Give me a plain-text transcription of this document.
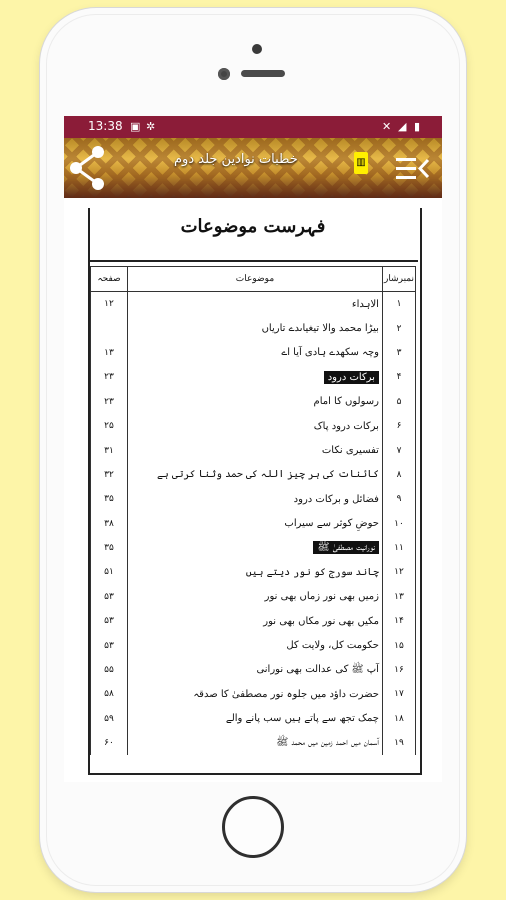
13:38 ▣ ✲	✕ ◢ ▮
خطبات نوادین جلد دوم	▥
فہرست موضوعات
نمبرشار	موضوعات	صفحہ
۱	الاہداء	۱۲
۲	بیڑا محمد والا تیغیاںدے تاریاں	
۳	وچہ سکھدے ہادی آیا اے	۱۳
۴	برکات درود	۲۳
۵	رسولوں کا امام	۲۳
۶	برکات درود پاک	۲۵
۷	تفسیری نکات	۳۱
۸	کائنات کی ہر چیز اللہ کی حمد وثنا کرتی ہے	۳۲
۹	فضائل و برکات درود	۳۵
۱۰	حوضِ کوثر سے سیراب	۳۸
۱۱	نورانیت مصطفیٰ ﷺ	۳۵
۱۲	چاند سورج کو نور دیتے ہیں	۵۱
۱۳	زمیں بھی نور زماں بھی نور	۵۳
۱۴	مکیں بھی نور مکاں بھی نور	۵۳
۱۵	حکومت کل، ولایت کل	۵۳
۱۶	آپ ﷺ کی عدالت بھی نورانی	۵۵
۱۷	حضرت داؤد میں جلوہ نور مصطفیٰ کا صدقہ	۵۸
۱۸	چمک تجھ سے پاتے ہیں سب پانے والے	۵۹
۱۹	آسمان میں احمد زمین میں محمد ﷺ	۶۰
